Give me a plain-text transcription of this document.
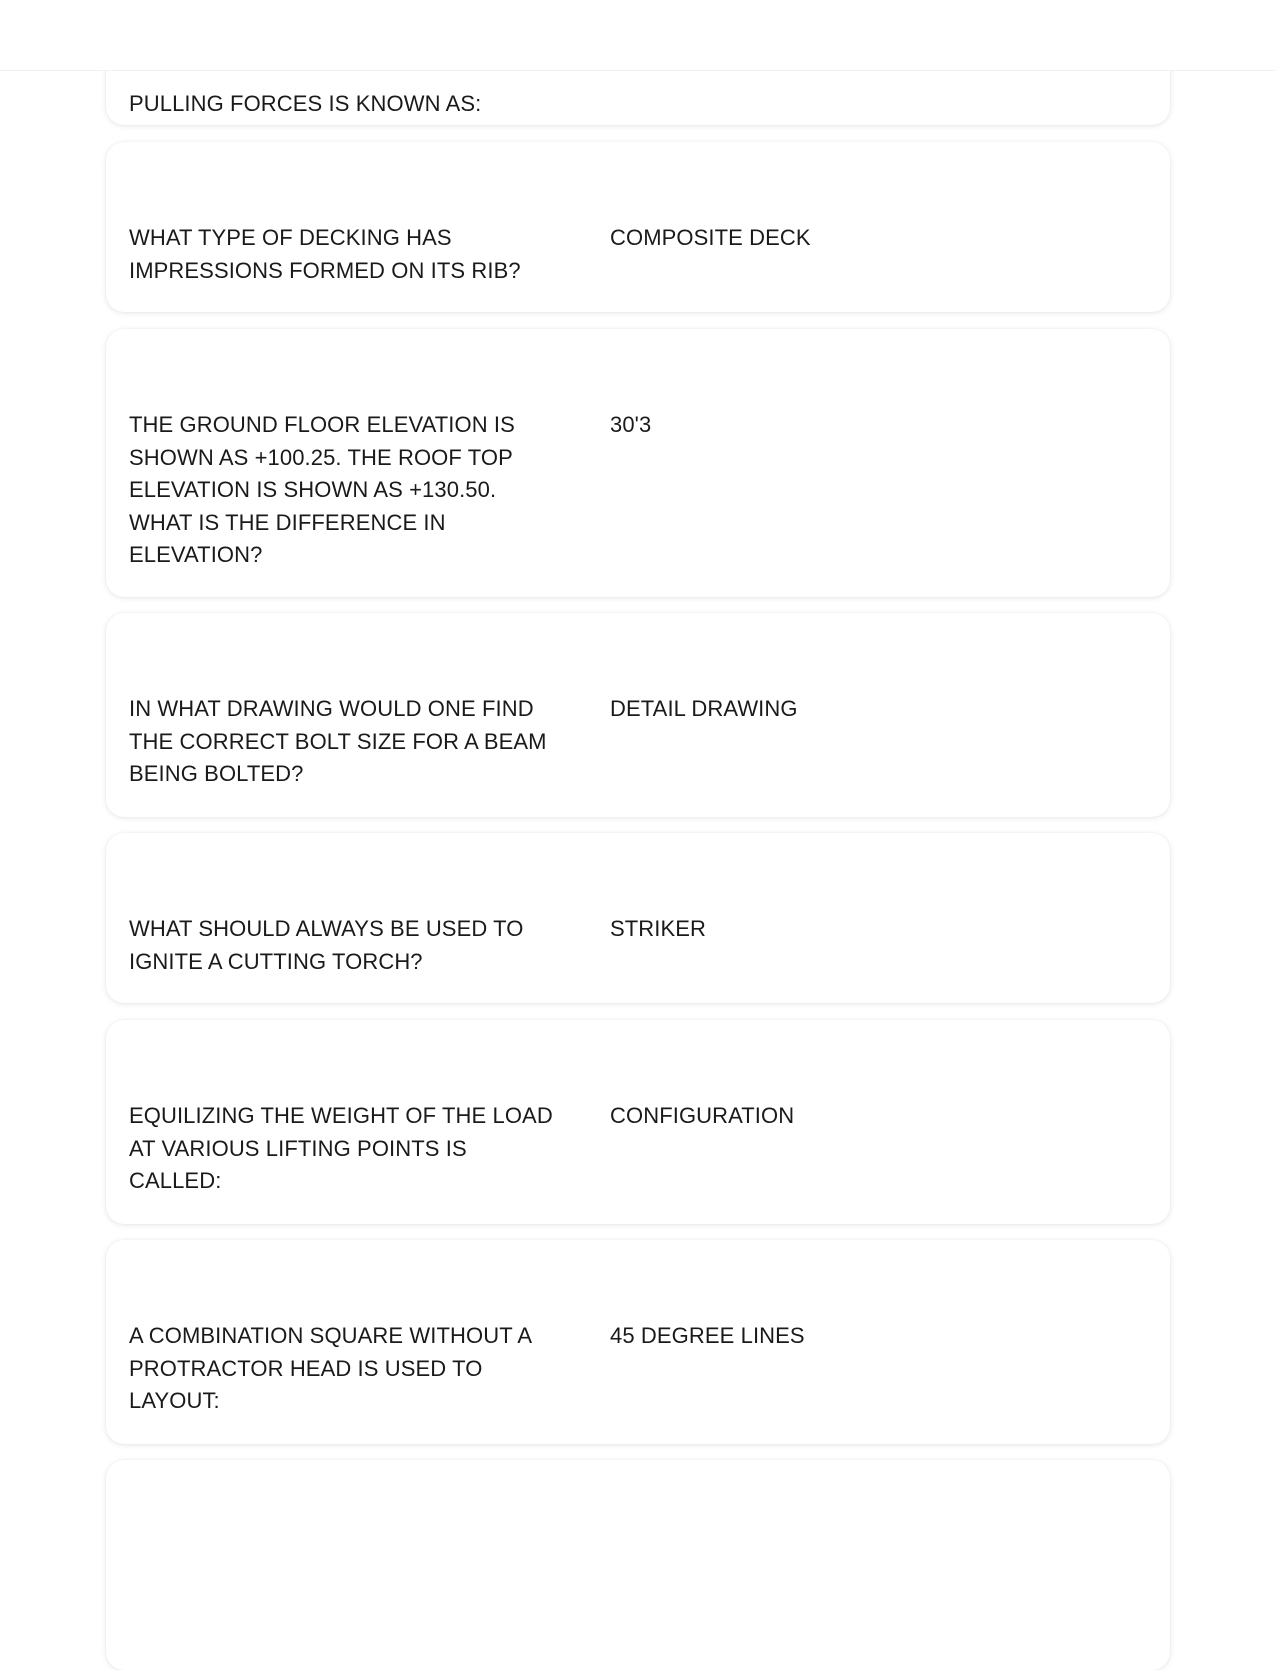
PULLING FORCES IS KNOWN AS:
WHAT TYPE OF DECKING HAS IMPRESSIONS FORMED ON ITS RIB?
COMPOSITE DECK
THE GROUND FLOOR ELEVATION IS SHOWN AS +100.25. THE ROOF TOP ELEVATION IS SHOWN AS +130.50. WHAT IS THE DIFFERENCE IN ELEVATION?
30'3
IN WHAT DRAWING WOULD ONE FIND THE CORRECT BOLT SIZE FOR A BEAM BEING BOLTED?
DETAIL DRAWING
WHAT SHOULD ALWAYS BE USED TO IGNITE A CUTTING TORCH?
STRIKER
EQUILIZING THE WEIGHT OF THE LOAD AT VARIOUS LIFTING POINTS IS CALLED:
CONFIGURATION
A COMBINATION SQUARE WITHOUT A PROTRACTOR HEAD IS USED TO LAYOUT:
45 DEGREE LINES
